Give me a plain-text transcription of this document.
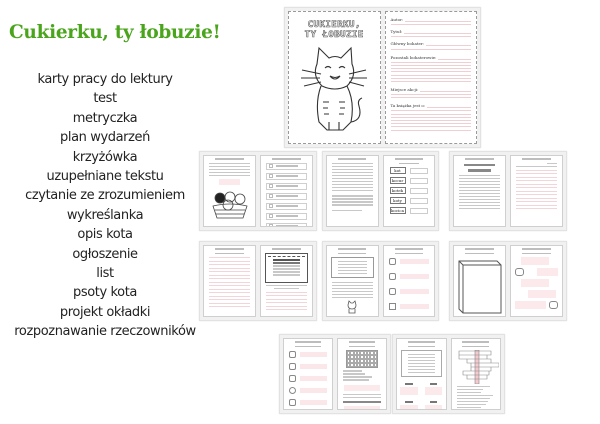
Cukierku, ty łobuzie!
karty pracy do lektury
test
metryczka
plan wydarzeń
krzyżówka
uzupełniane tekstu
czytanie ze zrozumieniem
wykreślanka
opis kota
ogłoszenie
list
psoty kota
projekt okładki
rozpoznawanie rzeczowników
CUKIERKU,
TY ŁOBUZIE
Autor:
Tytuł:
Główny bohater:
Pozostali bohaterowie:
Miejsce akcji:
Ta książka jest o:
kot
kocur
kotek
koty
kocica
